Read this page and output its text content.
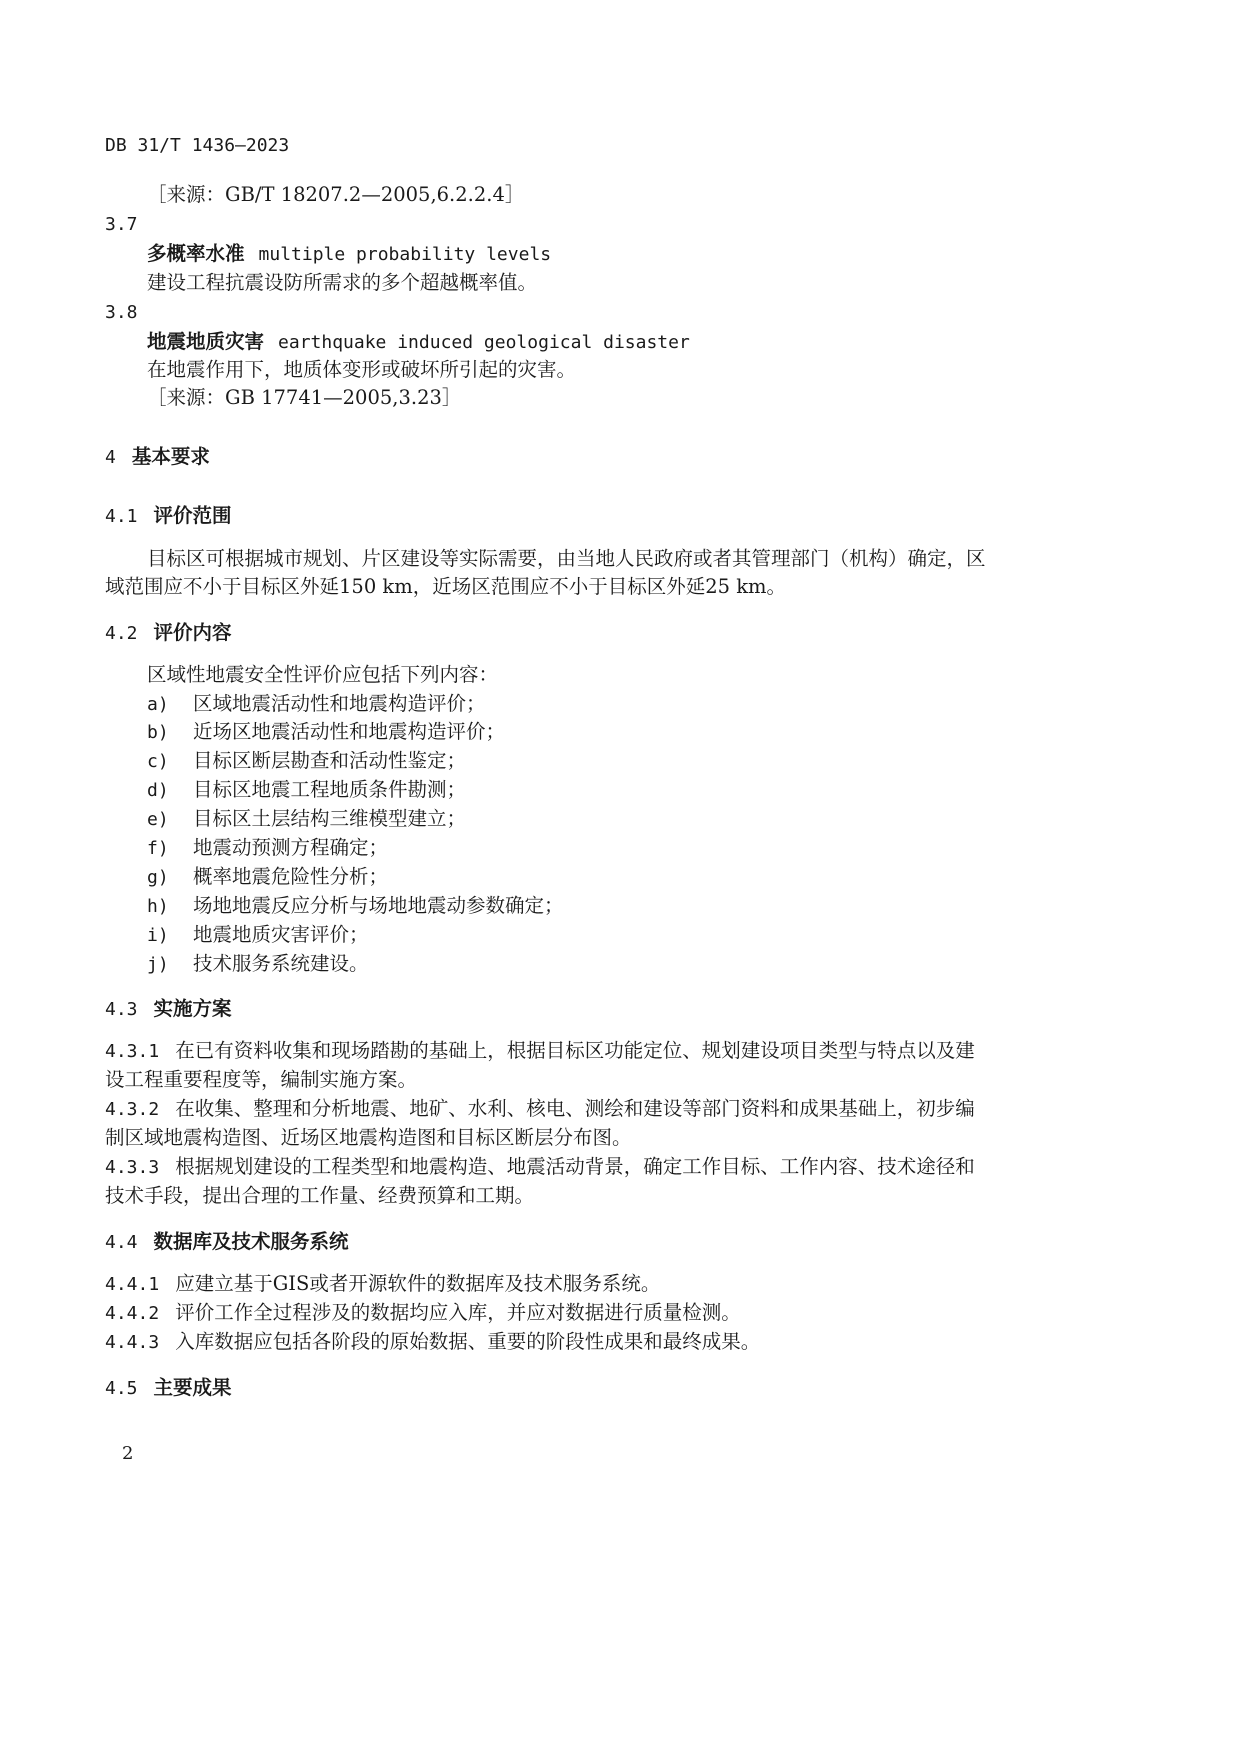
DB 31/T 1436—2023
［来源：GB/T 18207.2—2005,6.2.2.4］
3.7
多概率水准 multiple probability levels
建设工程抗震设防所需求的多个超越概率值。
3.8
地震地质灾害 earthquake induced geological disaster
在地震作用下，地质体变形或破坏所引起的灾害。
［来源：GB 17741—2005,3.23］
4 基本要求
4.1 评价范围
目标区可根据城市规划、片区建设等实际需要，由当地人民政府或者其管理部门（机构）确定，区
域范围应不小于目标区外延150 km，近场区范围应不小于目标区外延25 km。
4.2 评价内容
区域性地震安全性评价应包括下列内容：
a) 区域地震活动性和地震构造评价；
b) 近场区地震活动性和地震构造评价；
c) 目标区断层勘查和活动性鉴定；
d) 目标区地震工程地质条件勘测；
e) 目标区土层结构三维模型建立；
f) 地震动预测方程确定；
g) 概率地震危险性分析；
h) 场地地震反应分析与场地地震动参数确定；
i) 地震地质灾害评价；
j) 技术服务系统建设。
4.3 实施方案
4.3.1 在已有资料收集和现场踏勘的基础上，根据目标区功能定位、规划建设项目类型与特点以及建
设工程重要程度等，编制实施方案。
4.3.2 在收集、整理和分析地震、地矿、水利、核电、测绘和建设等部门资料和成果基础上，初步编
制区域地震构造图、近场区地震构造图和目标区断层分布图。
4.3.3 根据规划建设的工程类型和地震构造、地震活动背景，确定工作目标、工作内容、技术途径和
技术手段，提出合理的工作量、经费预算和工期。
4.4 数据库及技术服务系统
4.4.1 应建立基于GIS或者开源软件的数据库及技术服务系统。
4.4.2 评价工作全过程涉及的数据均应入库，并应对数据进行质量检测。
4.4.3 入库数据应包括各阶段的原始数据、重要的阶段性成果和最终成果。
4.5 主要成果
2
